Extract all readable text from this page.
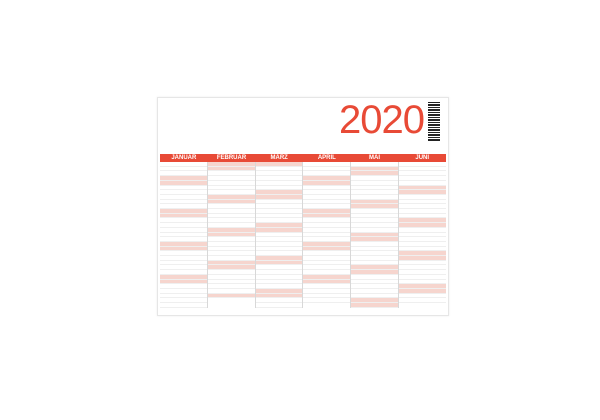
2020
JANUAR	FEBRUAR	MÄRZ	APRIL	MAI	JUNI
